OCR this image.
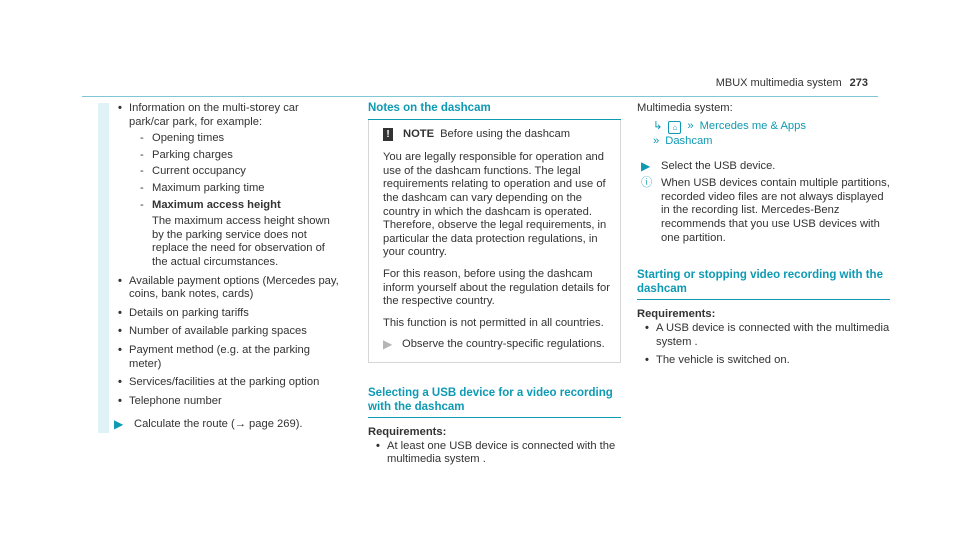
MBUX multimedia system 273
• Information on the multi-storey car park/car park, for example:
- Opening times
- Parking charges
- Current occupancy
- Maximum parking time
- Maximum access height
The maximum access height shown by the parking service does not replace the need for observation of the actual circumstances.
• Available payment options (Mercedes pay, coins, bank notes, cards)
• Details on parking tariffs
• Number of available parking spaces
• Payment method (e.g. at the parking meter)
• Services/facilities at the parking option
• Telephone number
▶ Calculate the route (→ page 269).
Notes on the dashcam
! NOTE Before using the dashcam

You are legally responsible for operation and use of the dashcam functions. The legal requirements relating to operation and use of the dashcam can vary depending on the country in which the dashcam is operated. Therefore, observe the legal requirements, in particular the data protection regulations, in your country.

For this reason, before using the dashcam inform yourself about the regulation details for the respective country.

This function is not permitted in all countries.

▶ Observe the country-specific regulations.
Selecting a USB device for a video recording with the dashcam
Requirements:
• At least one USB device is connected with the multimedia system .
Multimedia system:
↳ ⌂ » Mercedes me & Apps
» Dashcam
▶ Select the USB device.
ⓘ When USB devices contain multiple partitions, recorded video files are not always displayed in the recording list. Mercedes-Benz recommends that you use USB devices with one partition.
Starting or stopping video recording with the dashcam
Requirements:
• A USB device is connected with the multimedia system .
• The vehicle is switched on.
